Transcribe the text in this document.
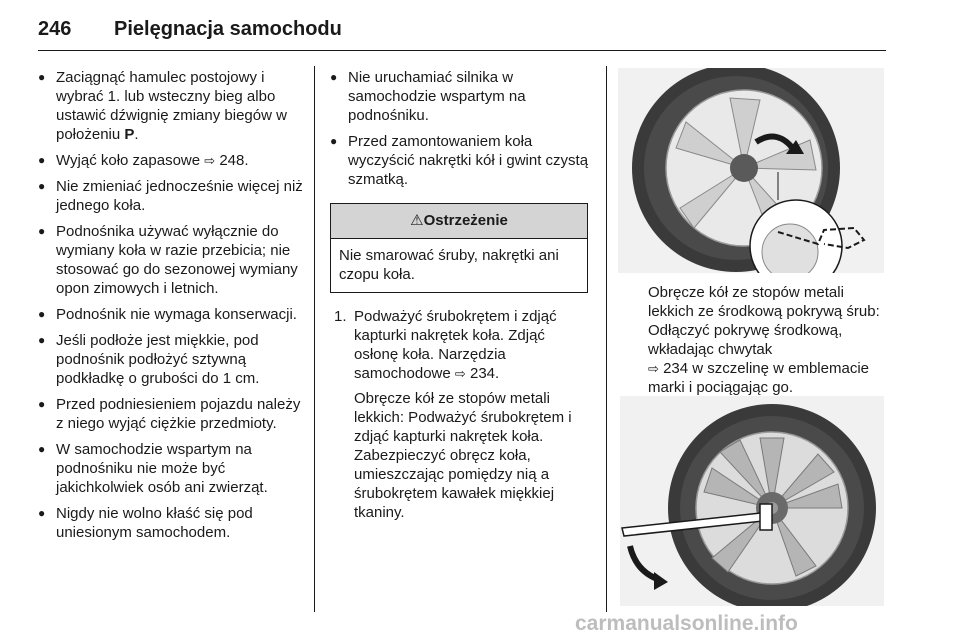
246 Pielęgnacja samochodu
● Zaciągnąć hamulec postojowy i wybrać 1. lub wsteczny bieg albo ustawić dźwignię zmiany biegów w położeniu P.
● Wyjąć koło zapasowe ⇨ 248.
● Nie zmieniać jednocześnie więcej niż jednego koła.
● Podnośnika używać wyłącznie do wymiany koła w razie przebicia; nie stosować go do sezonowej wymiany opon zimowych i letnich.
● Podnośnik nie wymaga konserwacji.
● Jeśli podłoże jest miękkie, pod podnośnik podłożyć sztywną podkładkę o grubości do 1 cm.
● Przed podniesieniem pojazdu należy z niego wyjąć ciężkie przedmioty.
● W samochodzie wspartym na podnośniku nie może być jakichkolwiek osób ani zwierząt.
● Nigdy nie wolno kłaść się pod uniesionym samochodem.
● Nie uruchamiać silnika w samochodzie wspartym na podnośniku.
● Przed zamontowaniem koła wyczyścić nakrętki kół i gwint czystą szmatką.
⚠Ostrzeżenie
Nie smarować śruby, nakrętki ani czopu koła.
1. Podważyć śrubokrętem i zdjąć kapturki nakrętek koła. Zdjąć osłonę koła. Narzędzia samochodowe ⇨ 234.
Obręcze kół ze stopów metali lekkich: Podważyć śrubokrętem i zdjąć kapturki nakrętek koła. Zabezpieczyć obręcz koła, umieszczając pomiędzy nią a śrubokrętem kawałek miękkiej tkaniny.
Obręcze kół ze stopów metali lekkich ze środkową pokrywą śrub: Odłączyć pokrywę środkową, wkładając chwytak
⇨ 234 w szczelinę w emblemacie marki i pociągając go.
carmanualsonline.info
